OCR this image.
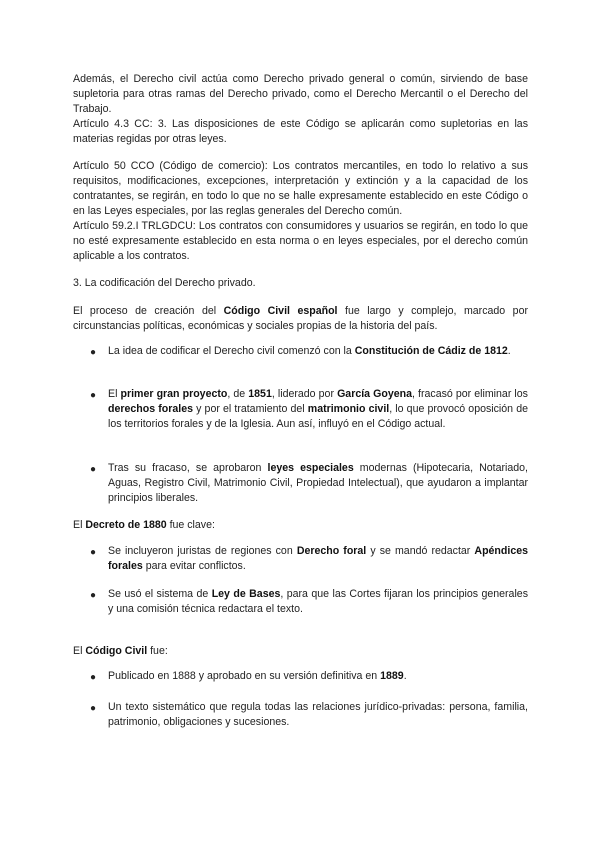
Además, el Derecho civil actúa como Derecho privado general o común, sirviendo de base supletoria para otras ramas del Derecho privado, como el Derecho Mercantil o el Derecho del Trabajo.

Artículo 4.3 CC: 3. Las disposiciones de este Código se aplicarán como supletorias en las materias regidas por otras leyes.

Artículo 50 CCO (Código de comercio): Los contratos mercantiles, en todo lo relativo a sus requisitos, modificaciones, excepciones, interpretación y extinción y a la capacidad de los contratantes, se regirán, en todo lo que no se halle expresamente establecido en este Código o en las Leyes especiales, por las reglas generales del Derecho común.

Artículo 59.2.I TRLGDCU: Los contratos con consumidores y usuarios se regirán, en todo lo que no esté expresamente establecido en esta norma o en leyes especiales, por el derecho común aplicable a los contratos.

3. La codificación del Derecho privado.

El proceso de creación del Código Civil español fue largo y complejo, marcado por circunstancias políticas, económicas y sociales propias de la historia del país.

● La idea de codificar el Derecho civil comenzó con la Constitución de Cádiz de 1812.

● El primer gran proyecto, de 1851, liderado por García Goyena, fracasó por eliminar los derechos forales y por el tratamiento del matrimonio civil, lo que provocó oposición de los territorios forales y de la Iglesia. Aun así, influyó en el Código actual.

● Tras su fracaso, se aprobaron leyes especiales modernas (Hipotecaria, Notariado, Aguas, Registro Civil, Matrimonio Civil, Propiedad Intelectual), que ayudaron a implantar principios liberales.

El Decreto de 1880 fue clave:

● Se incluyeron juristas de regiones con Derecho foral y se mandó redactar Apéndices forales para evitar conflictos.

● Se usó el sistema de Ley de Bases, para que las Cortes fijaran los principios generales y una comisión técnica redactara el texto.

El Código Civil fue:

● Publicado en 1888 y aprobado en su versión definitiva en 1889.

● Un texto sistemático que regula todas las relaciones jurídico-privadas: persona, familia, patrimonio, obligaciones y sucesiones.
